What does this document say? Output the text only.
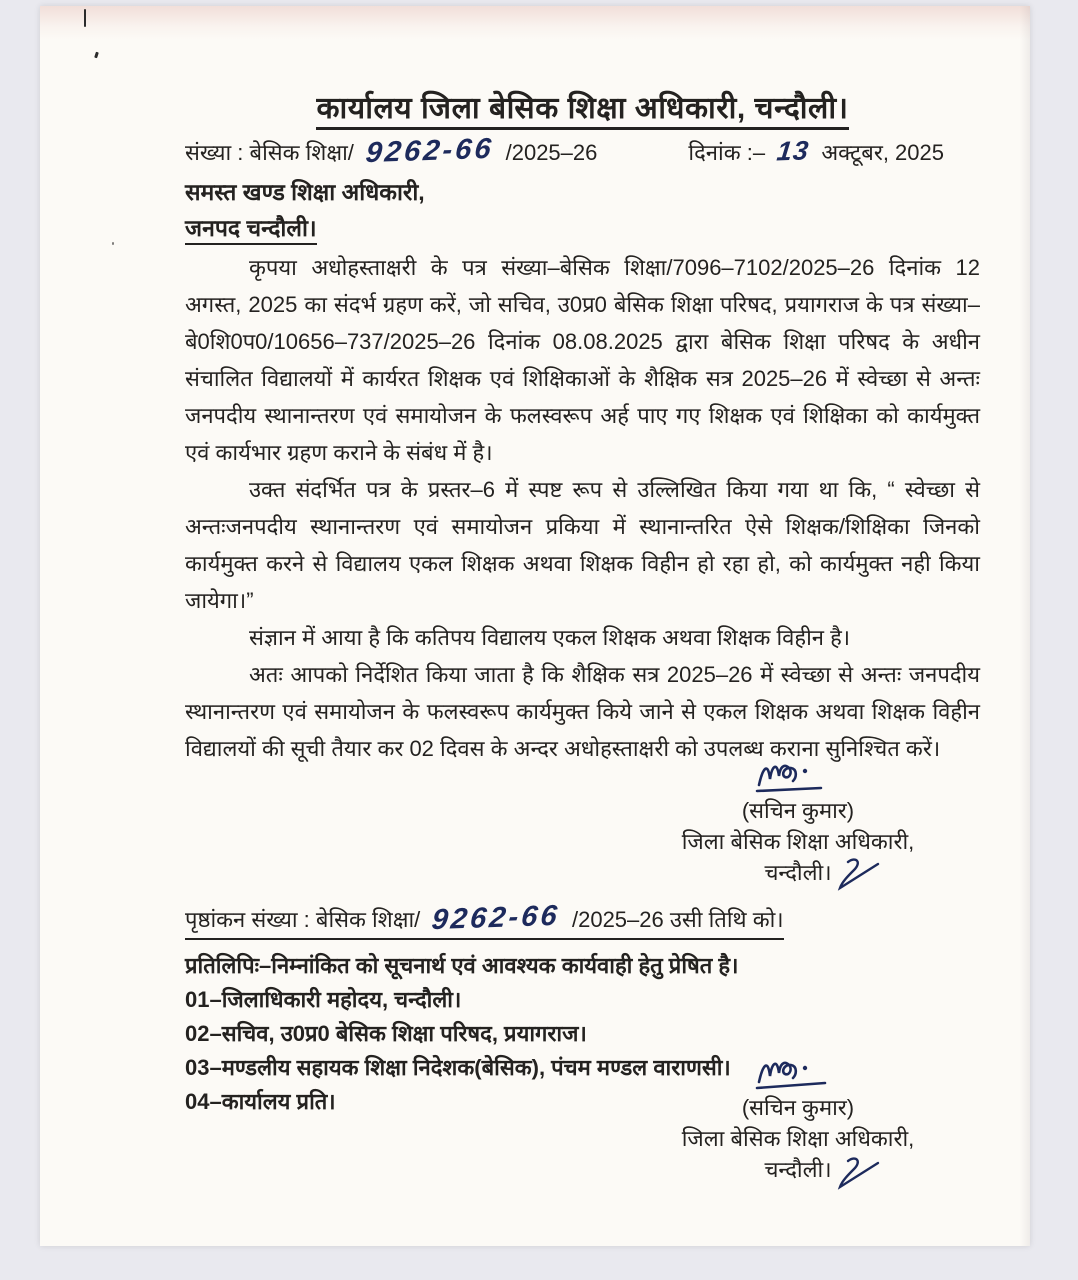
कार्यालय जिला बेसिक शिक्षा अधिकारी, चन्दौली।
संख्या : बेसिक शिक्षा/ 9262-66 /2025–26	दिनांक :– 13 अक्टूबर, 2025
समस्त खण्ड शिक्षा अधिकारी,
जनपद चन्दौली।

कृपया अधोहस्ताक्षरी के पत्र संख्या–बेसिक शिक्षा/7096–7102/2025–26 दिनांक 12 अगस्त, 2025 का संदर्भ ग्रहण करें, जो सचिव, उ0प्र0 बेसिक शिक्षा परिषद, प्रयागराज के पत्र संख्या–बे0शि0प0/10656–737/2025–26 दिनांक 08.08.2025 द्वारा बेसिक शिक्षा परिषद के अधीन संचालित विद्यालयों में कार्यरत शिक्षक एवं शिक्षिकाओं के शैक्षिक सत्र 2025–26 में स्वेच्छा से अन्तः जनपदीय स्थानान्तरण एवं समायोजन के फलस्वरूप अर्ह पाए गए शिक्षक एवं शिक्षिका को कार्यमुक्त एवं कार्यभार ग्रहण कराने के संबंध में है।

उक्त संदर्भित पत्र के प्रस्तर–6 में स्पष्ट रूप से उल्लिखित किया गया था कि, “ स्वेच्छा से अन्तःजनपदीय स्थानान्तरण एवं समायोजन प्रकिया में स्थानान्तरित ऐसे शिक्षक/शिक्षिका जिनको कार्यमुक्त करने से विद्यालय एकल शिक्षक अथवा शिक्षक विहीन हो रहा हो, को कार्यमुक्त नही किया जायेगा।”

संज्ञान में आया है कि कतिपय विद्यालय एकल शिक्षक अथवा शिक्षक विहीन है।

अतः आपको निर्देशित किया जाता है कि शैक्षिक सत्र 2025–26 में स्वेच्छा से अन्तः जनपदीय स्थानान्तरण एवं समायोजन के फलस्वरूप कार्यमुक्त किये जाने से एकल शिक्षक अथवा शिक्षक विहीन विद्यालयों की सूची तैयार कर 02 दिवस के अन्दर अधोहस्ताक्षरी को उपलब्ध कराना सुनिश्चित करें।

(सचिन कुमार)
जिला बेसिक शिक्षा अधिकारी,
चन्दौली।
पृष्ठांकन संख्या : बेसिक शिक्षा/ 9262-66 /2025–26 उसी तिथि को।
प्रतिलिपिः–निम्नांकित को सूचनार्थ एवं आवश्यक कार्यवाही हेतु प्रेषित है।
01–जिलाधिकारी महोदय, चन्दौली।
02–सचिव, उ0प्र0 बेसिक शिक्षा परिषद, प्रयागराज।
03–मण्डलीय सहायक शिक्षा निदेशक(बेसिक), पंचम मण्डल वाराणसी।
04–कार्यालय प्रति।	(सचिन कुमार)
जिला बेसिक शिक्षा अधिकारी,
चन्दौली।
